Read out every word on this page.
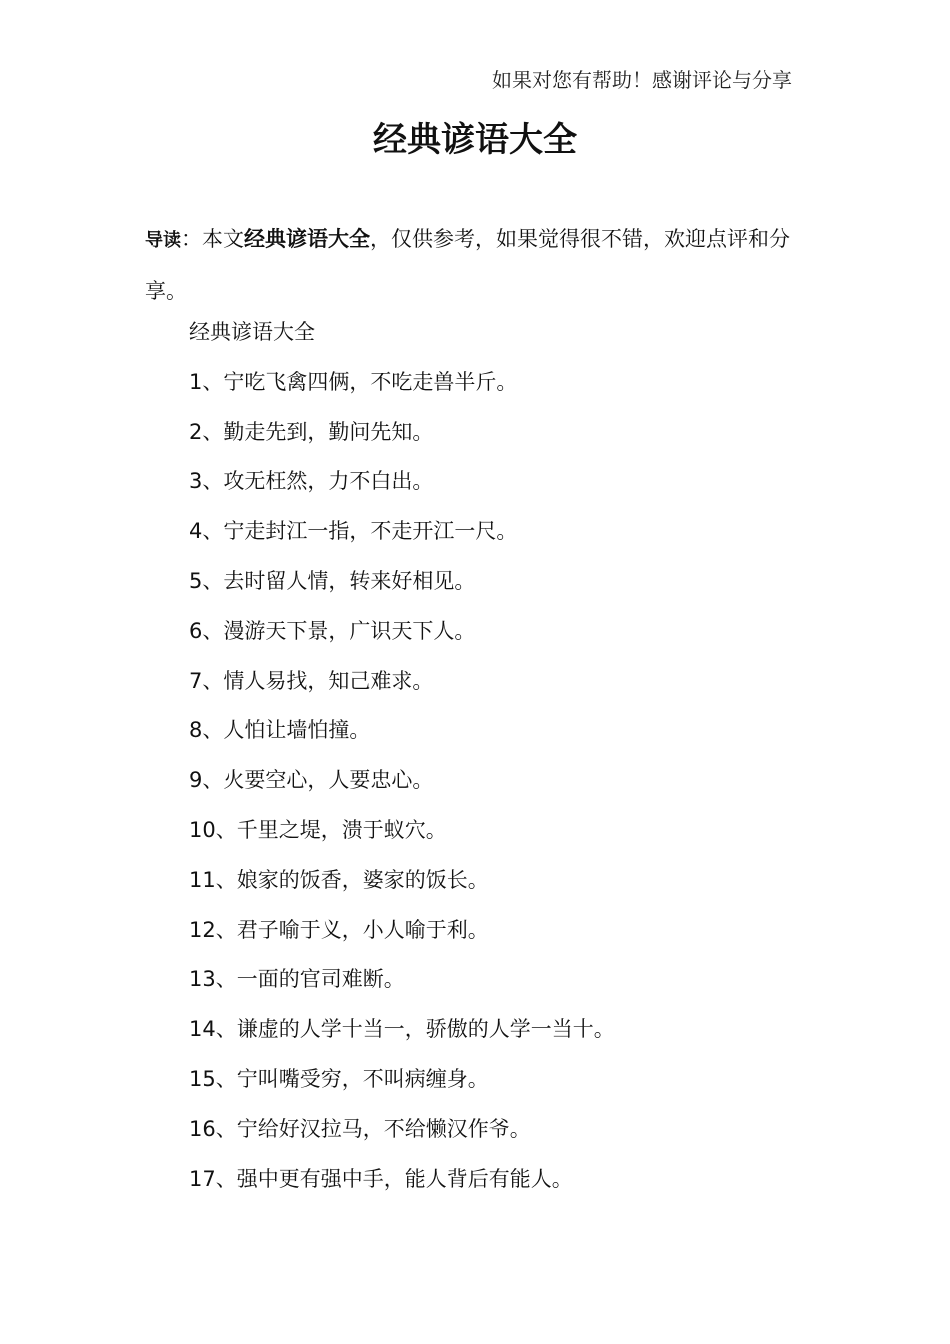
如果对您有帮助！感谢评论与分享
经典谚语大全

导读：本文经典谚语大全，仅供参考，如果觉得很不错，欢迎点评和分享。

经典谚语大全
1、宁吃飞禽四俩，不吃走兽半斤。
2、勤走先到，勤问先知。
3、攻无枉然，力不白出。
4、宁走封江一指，不走开江一尺。
5、去时留人情，转来好相见。
6、漫游天下景，广识天下人。
7、情人易找，知己难求。
8、人怕让墙怕撞。
9、火要空心，人要忠心。
10、千里之堤，溃于蚁穴。
11、娘家的饭香，婆家的饭长。
12、君子喻于义，小人喻于利。
13、一面的官司难断。
14、谦虚的人学十当一，骄傲的人学一当十。
15、宁叫嘴受穷，不叫病缠身。
16、宁给好汉拉马，不给懒汉作爷。
17、强中更有强中手，能人背后有能人。
